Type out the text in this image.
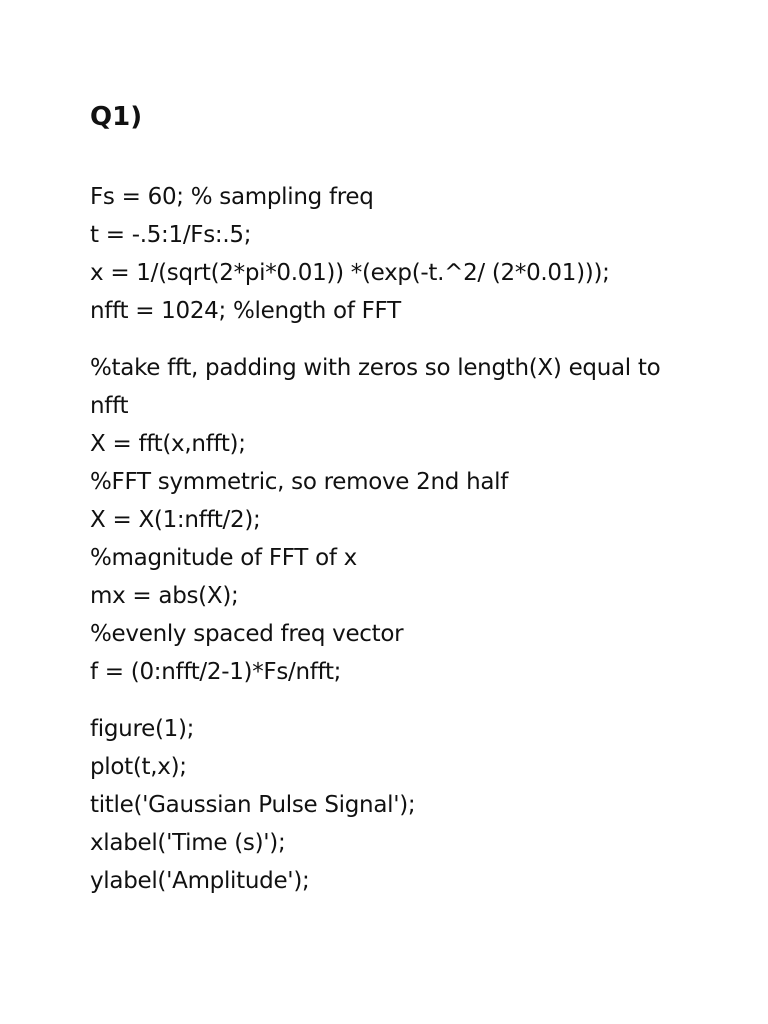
Q1)

Fs = 60; % sampling freq

t = -.5:1/Fs:.5;

x = 1/(sqrt(2*pi*0.01)) *(exp(-t.^2/ (2*0.01)));

nfft = 1024; %length of FFT

%take fft, padding with zeros so length(X) equal to

nfft

X = fft(x,nfft);

%FFT symmetric, so remove 2nd half

X = X(1:nfft/2);

%magnitude of FFT of x

mx = abs(X);

%evenly spaced freq vector

f = (0:nfft/2-1)*Fs/nfft;

figure(1);

plot(t,x);

title('Gaussian Pulse Signal');

xlabel('Time (s)');

ylabel('Amplitude');
